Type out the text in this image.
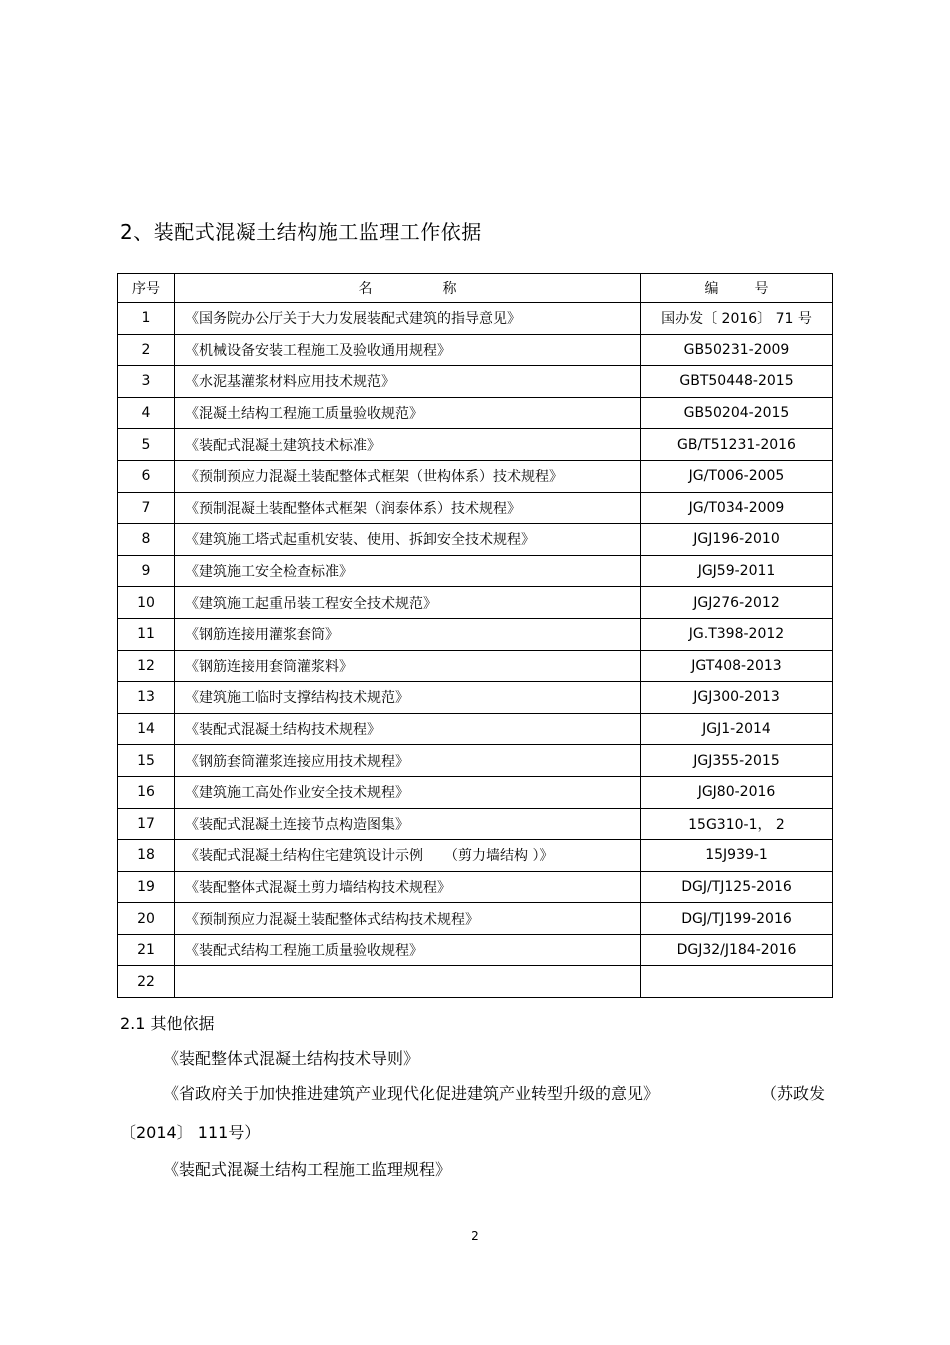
2、装配式混凝土结构施工监理工作依据
序号	名 称	编 号
1	《国务院办公厅关于大力发展装配式建筑的指导意见》	国办发〔 2016〕 71 号
2	《机械设备安装工程施工及验收通用规程》	GB50231-2009
3	《水泥基灌浆材料应用技术规范》	GBT50448-2015
4	《混凝土结构工程施工质量验收规范》	GB50204-2015
5	《装配式混凝土建筑技术标准》	GB/T51231-2016
6	《预制预应力混凝土装配整体式框架（世构体系）技术规程》	JG/T006-2005
7	《预制混凝土装配整体式框架（润泰体系）技术规程》	JG/T034-2009
8	《建筑施工塔式起重机安装、使用、拆卸安全技术规程》	JGJ196-2010
9	《建筑施工安全检查标准》	JGJ59-2011
10	《建筑施工起重吊装工程安全技术规范》	JGJ276-2012
11	《钢筋连接用灌浆套筒》	JG.T398-2012
12	《钢筋连接用套筒灌浆料》	JGT408-2013
13	《建筑施工临时支撑结构技术规范》	JGJ300-2013
14	《装配式混凝土结构技术规程》	JGJ1-2014
15	《钢筋套筒灌浆连接应用技术规程》	JGJ355-2015
16	《建筑施工高处作业安全技术规程》	JGJ80-2016
17	《装配式混凝土连接节点构造图集》	15G310-1， 2
18	《装配式混凝土结构住宅建筑设计示例　　（剪力墙结构 ）》	15J939-1
19	《装配整体式混凝土剪力墙结构技术规程》	DGJ/TJ125-2016
20	《预制预应力混凝土装配整体式结构技术规程》	DGJ/TJ199-2016
21	《装配式结构工程施工质量验收规程》	DGJ32/J184-2016
22		
2.1 其他依据
《装配整体式混凝土结构技术导则》
《省政府关于加快推进建筑产业现代化促进建筑产业转型升级的意见》	（苏政发
〔2014〕 111号）
《装配式混凝土结构工程施工监理规程》
2
